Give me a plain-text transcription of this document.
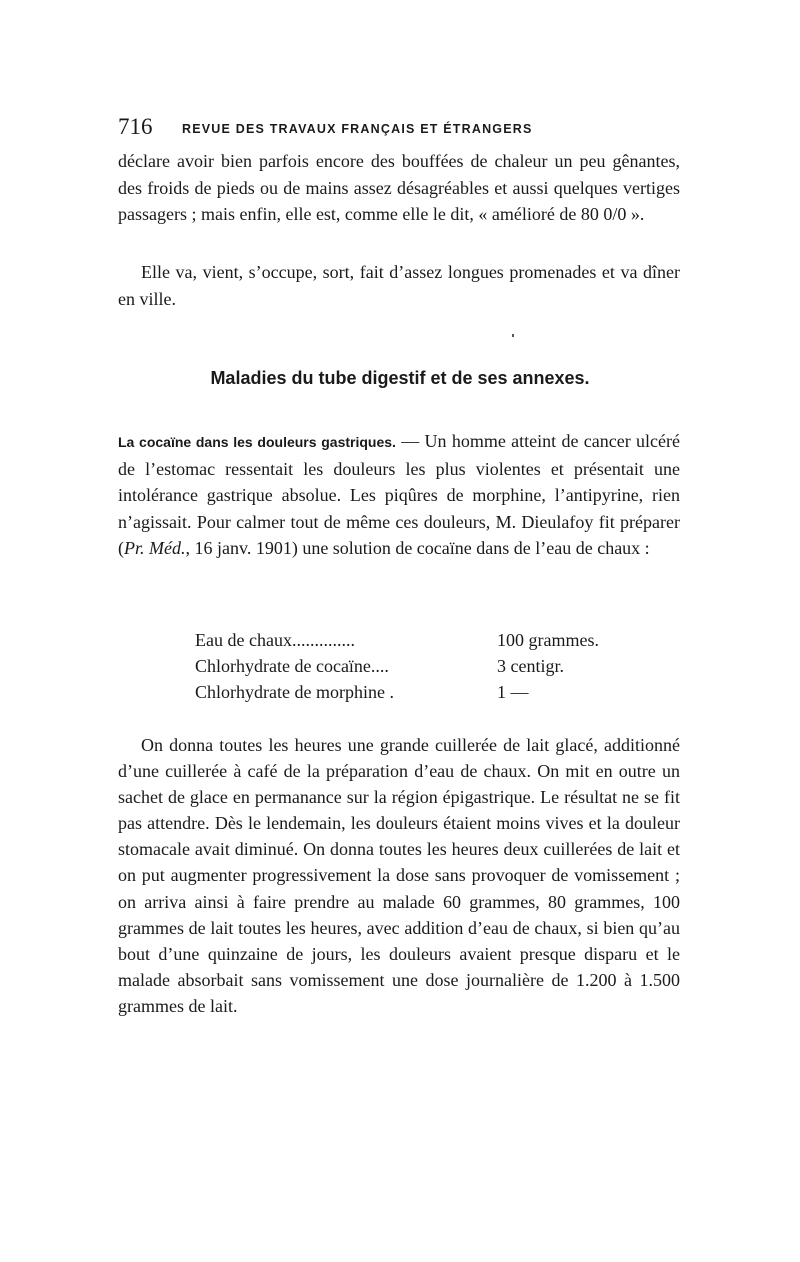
716 REVUE DES TRAVAUX FRANÇAIS ET ÉTRANGERS
déclare avoir bien parfois encore des bouffées de chaleur un peu gênantes, des froids de pieds ou de mains assez désagréables et aussi quelques vertiges passagers ; mais enfin, elle est, comme elle le dit, « amélioré de 80 0/0 ».
Elle va, vient, s’occupe, sort, fait d’assez longues promenades et va dîner en ville.
Maladies du tube digestif et de ses annexes.
La cocaïne dans les douleurs gastriques. — Un homme atteint de cancer ulcéré de l’estomac ressentait les douleurs les plus violentes et présentait une intolérance gastrique absolue. Les piqûres de morphine, l’antipyrine, rien n’agissait. Pour calmer tout de même ces douleurs, M. Dieulafoy fit préparer (Pr. Méd., 16 janv. 1901) une solution de cocaïne dans de l’eau de chaux :
Eau de chaux..............	100 grammes.
Chlorhydrate de cocaïne....	3 centigr.
Chlorhydrate de morphine .	1 —
On donna toutes les heures une grande cuillerée de lait glacé, additionné d’une cuillerée à café de la préparation d’eau de chaux. On mit en outre un sachet de glace en permanance sur la région épigastrique. Le résultat ne se fit pas attendre. Dès le lendemain, les douleurs étaient moins vives et la douleur stomacale avait diminué. On donna toutes les heures deux cuillerées de lait et on put augmenter progressivement la dose sans provoquer de vomissement ; on arriva ainsi à faire prendre au malade 60 grammes, 80 grammes, 100 grammes de lait toutes les heures, avec addition d’eau de chaux, si bien qu’au bout d’une quinzaine de jours, les douleurs avaient presque disparu et le malade absorbait sans vomissement une dose journalière de 1.200 à 1.500 grammes de lait.
